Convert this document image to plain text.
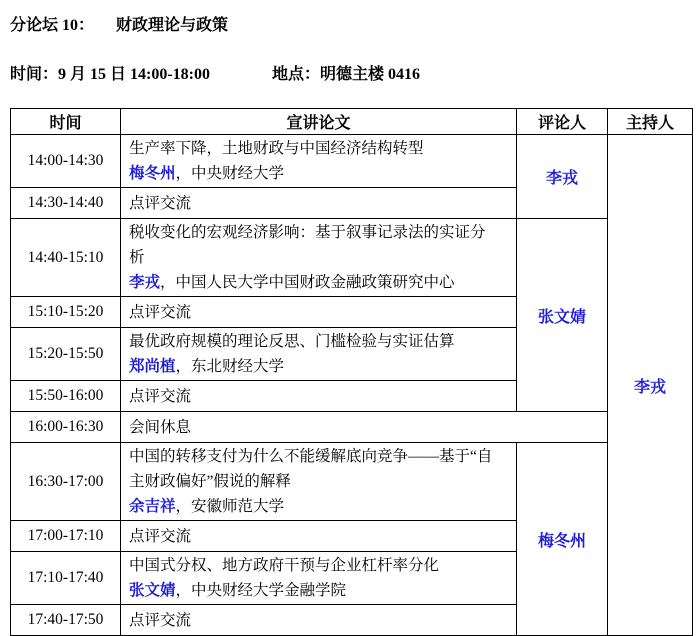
分论坛 10： 财政理论与政策
时间：9 月 15 日 14:00-18:00	地点：明德主楼 0416
时间	宣讲论文	评论人	主持人
14:00-14:30	生产率下降，土地财政与中国经济结构转型
梅冬州，中央财经大学	李戎	李戎
14:30-14:40	点评交流		
14:40-15:10	税收变化的宏观经济影响：基于叙事记录法的实证分析
李戎，中国人民大学中国财政金融政策研究中心	张文婧	
15:10-15:20	点评交流		
15:20-15:50	最优政府规模的理论反思、门槛检验与实证估算
郑尚植，东北财经大学		

15:50-16:00	点评交流		
16:00-16:30	会间休息		
16:30-17:00	中国的转移支付为什么不能缓解底向竞争——基于“自主财政偏好”假说的解释
余吉祥，安徽师范大学	梅冬州	
17:00-17:10	点评交流		
17:10-17:40	中国式分权、地方政府干预与企业杠杆率分化
张文婧，中央财经大学金融学院		

17:40-17:50	点评交流		
